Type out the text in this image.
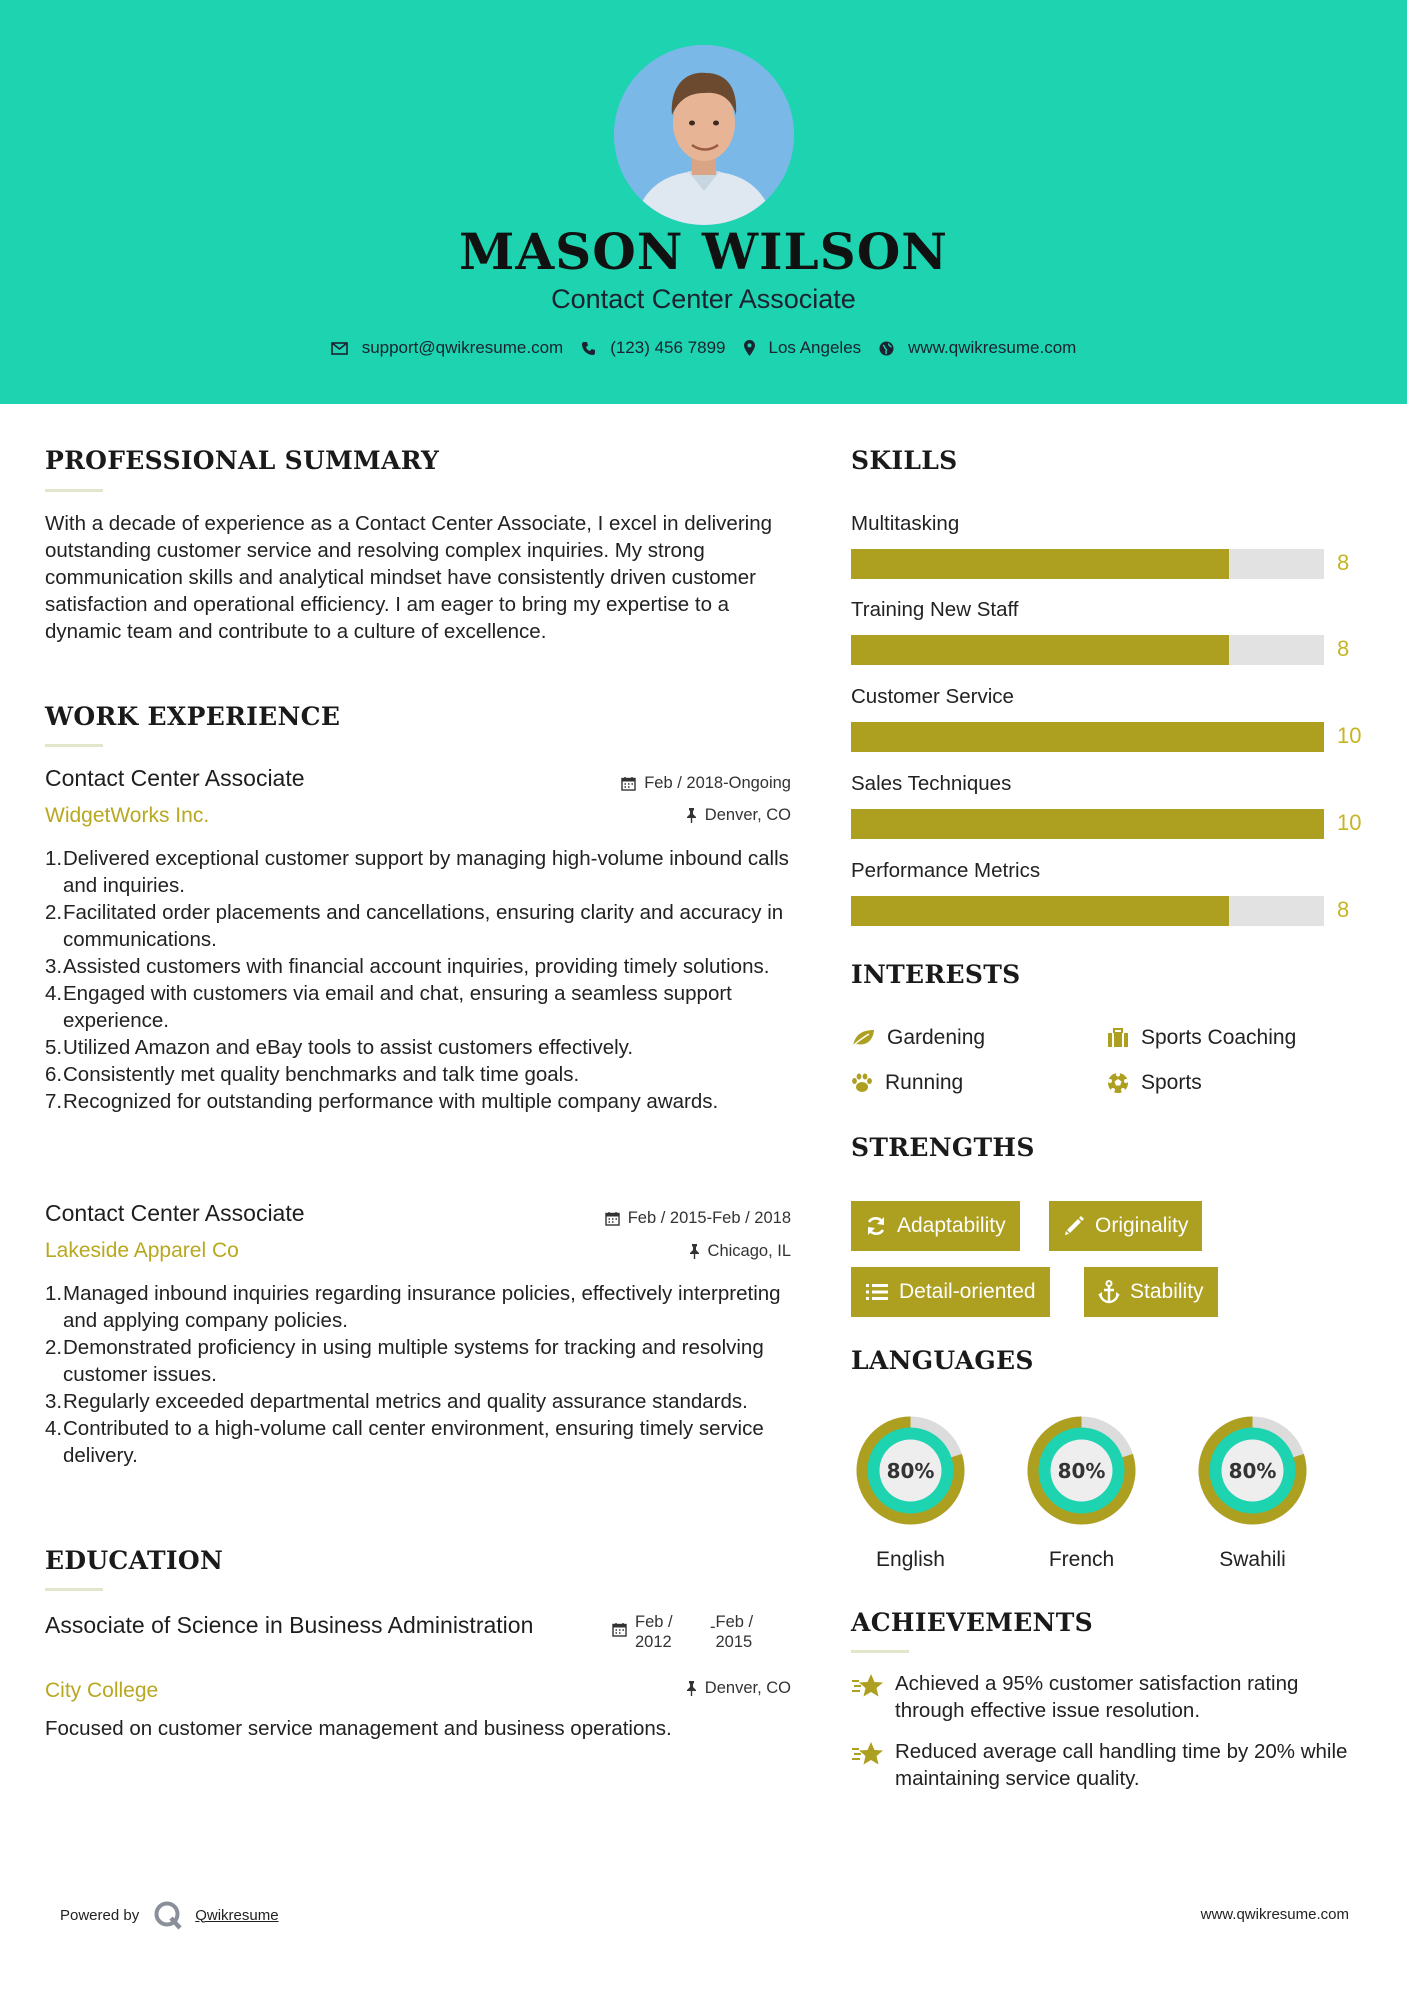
MASON WILSON
Contact Center Associate
support@qwikresume.com	(123) 456 7899	Los Angeles	www.qwikresume.com
PROFESSIONAL SUMMARY
With a decade of experience as a Contact Center Associate, I excel in delivering outstanding customer service and resolving complex inquiries. My strong communication skills and analytical mindset have consistently driven customer satisfaction and operational efficiency. I am eager to bring my expertise to a dynamic team and contribute to a culture of excellence.
WORK EXPERIENCE
Contact Center Associate	Feb / 2018-Ongoing
WidgetWorks Inc.	Denver, CO
1. Delivered exceptional customer support by managing high-volume inbound calls and inquiries.
2. Facilitated order placements and cancellations, ensuring clarity and accuracy in communications.
3. Assisted customers with financial account inquiries, providing timely solutions.
4. Engaged with customers via email and chat, ensuring a seamless support experience.
5. Utilized Amazon and eBay tools to assist customers effectively.
6. Consistently met quality benchmarks and talk time goals.
7. Recognized for outstanding performance with multiple company awards.
Contact Center Associate	Feb / 2015-Feb / 2018
Lakeside Apparel Co	Chicago, IL
1. Managed inbound inquiries regarding insurance policies, effectively interpreting and applying company policies.
2. Demonstrated proficiency in using multiple systems for tracking and resolving customer issues.
3. Regularly exceeded departmental metrics and quality assurance standards.
4. Contributed to a high-volume call center environment, ensuring timely service delivery.
EDUCATION
Associate of Science in Business Administration	Feb / 2012
- Feb / 2015
City College	Denver, CO
Focused on customer service management and business operations.
SKILLS
Multitasking
8
Training New Staff
8
Customer Service
10
Sales Techniques
10
Performance Metrics
8
INTERESTS
Gardening	Sports Coaching
Running	Sports
STRENGTHS
Adaptability	Originality
Detail-oriented	Stability
LANGUAGES
80%
English
80%
French
80%
Swahili
ACHIEVEMENTS
Achieved a 95% customer satisfaction rating through effective issue resolution.
Reduced average call handling time by 20% while maintaining service quality.
Powered by	Qwikresume	www.qwikresume.com
